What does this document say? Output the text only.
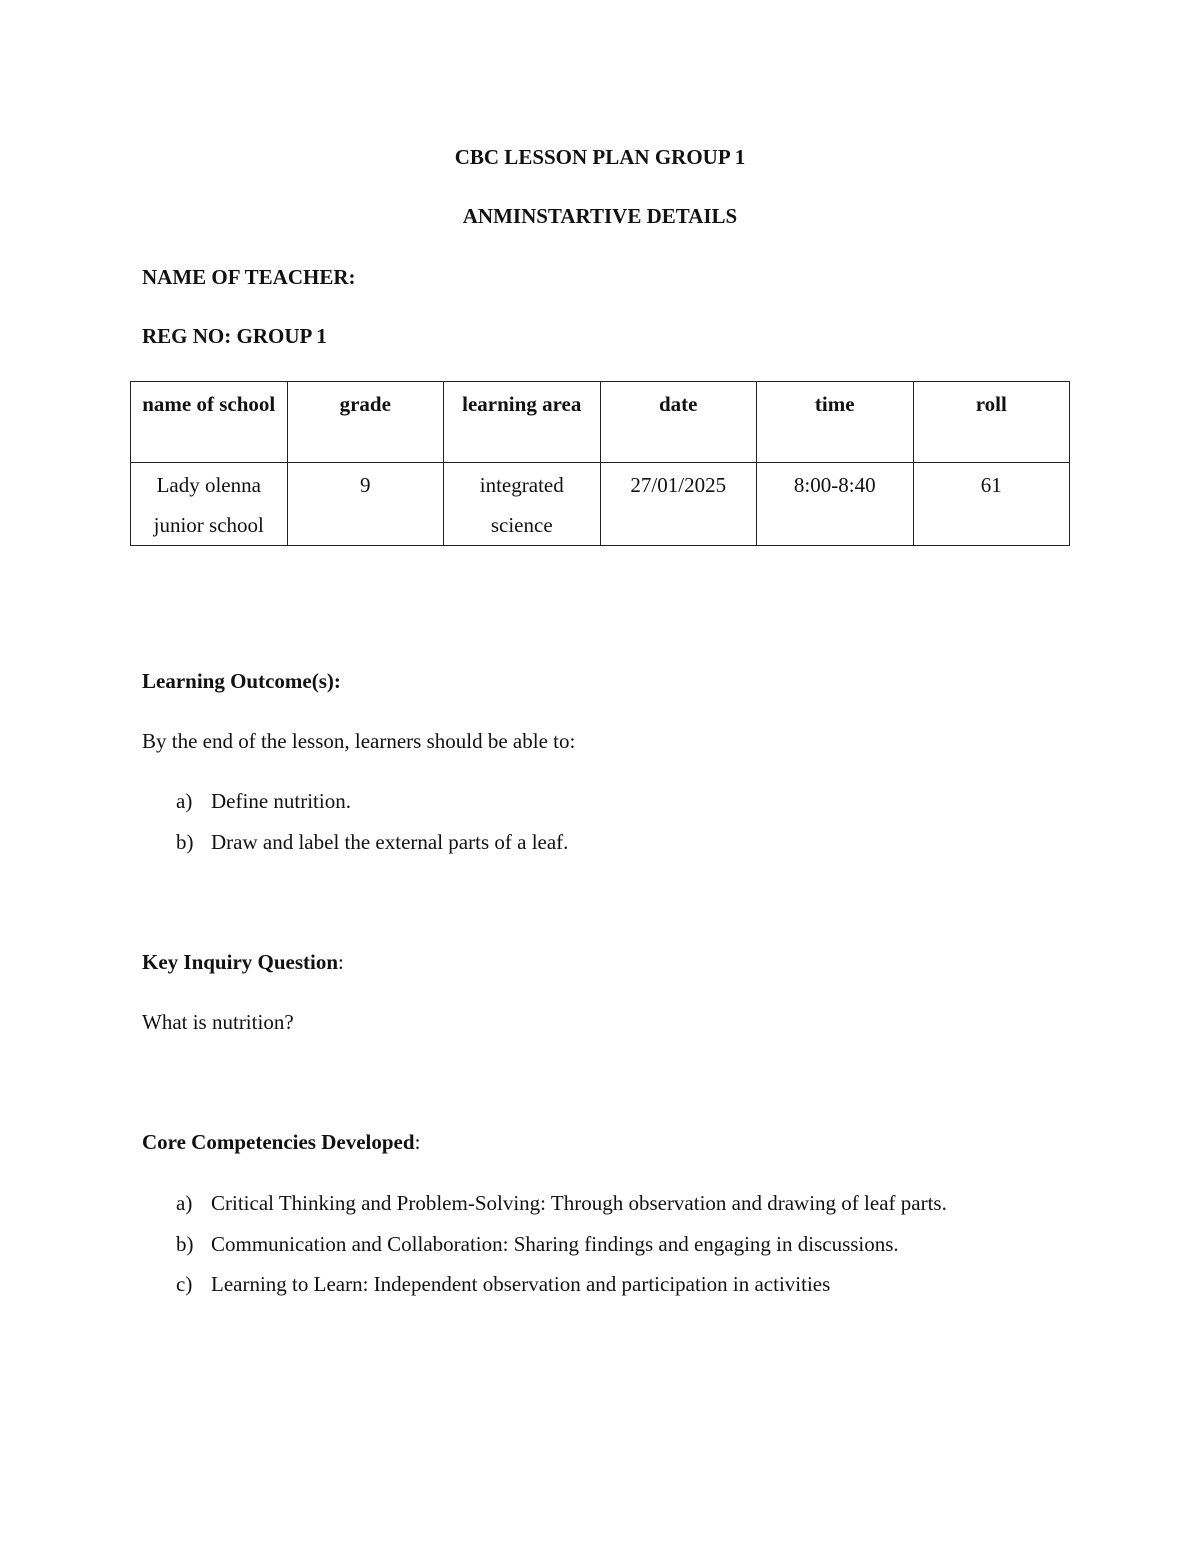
CBC LESSON PLAN GROUP 1
ANMINSTARTIVE DETAILS
NAME OF TEACHER:
REG NO: GROUP 1
name of school	grade	learning area	date	time	roll
Lady olenna junior school	9	integrated science	27/01/2025	8:00-8:40	61
Learning Outcome(s):
By the end of the lesson, learners should be able to:
a) Define nutrition.
b) Draw and label the external parts of a leaf.
Key Inquiry Question:
What is nutrition?
Core Competencies Developed:
a) Critical Thinking and Problem-Solving: Through observation and drawing of leaf parts.
b) Communication and Collaboration: Sharing findings and engaging in discussions.
c) Learning to Learn: Independent observation and participation in activities
